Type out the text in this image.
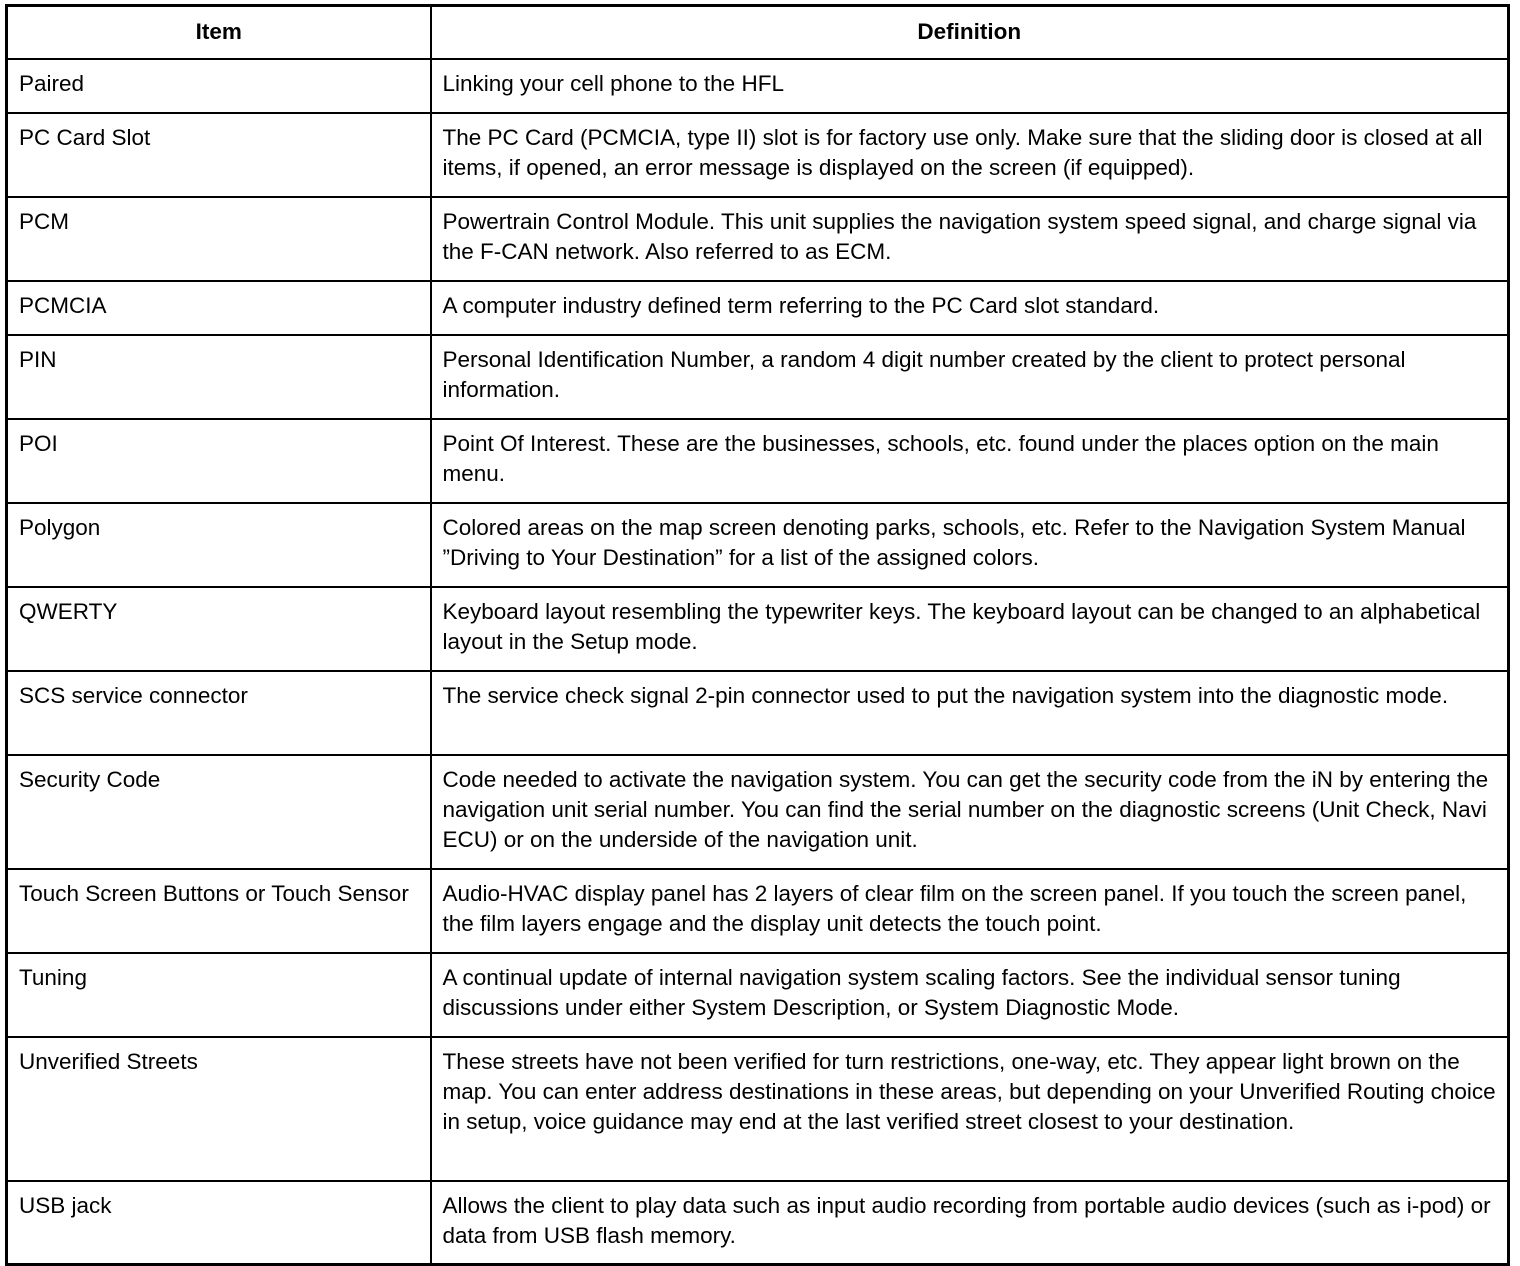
Item	Definition
Paired	Linking your cell phone to the HFL
PC Card Slot	The PC Card (PCMCIA, type II) slot is for factory use only. Make sure that the sliding door is closed at all items, if opened, an error message is displayed on the screen (if equipped).
PCM	Powertrain Control Module. This unit supplies the navigation system speed signal, and charge signal via the F-CAN network. Also referred to as ECM.
PCMCIA	A computer industry defined term referring to the PC Card slot standard.
PIN	Personal Identification Number, a random 4 digit number created by the client to protect personal information.
POI	Point Of Interest. These are the businesses, schools, etc. found under the places option on the main menu.
Polygon	Colored areas on the map screen denoting parks, schools, etc. Refer to the Navigation System Manual ”Driving to Your Destination” for a list of the assigned colors.
QWERTY	Keyboard layout resembling the typewriter keys. The keyboard layout can be changed to an alphabetical layout in the Setup mode.
SCS service connector	The service check signal 2-pin connector used to put the navigation system into the diagnostic mode.
Security Code	Code needed to activate the navigation system. You can get the security code from the iN by entering the navigation unit serial number. You can find the serial number on the diagnostic screens (Unit Check, Navi ECU) or on the underside of the navigation unit.
Touch Screen Buttons or Touch Sensor	Audio-HVAC display panel has 2 layers of clear film on the screen panel. If you touch the screen panel, the film layers engage and the display unit detects the touch point.
Tuning	A continual update of internal navigation system scaling factors. See the individual sensor tuning discussions under either System Description, or System Diagnostic Mode.
Unverified Streets	These streets have not been verified for turn restrictions, one-way, etc. They appear light brown on the map. You can enter address destinations in these areas, but depending on your Unverified Routing choice in setup, voice guidance may end at the last verified street closest to your destination.
USB jack	Allows the client to play data such as input audio recording from portable audio devices (such as i-pod) or data from USB flash memory.
